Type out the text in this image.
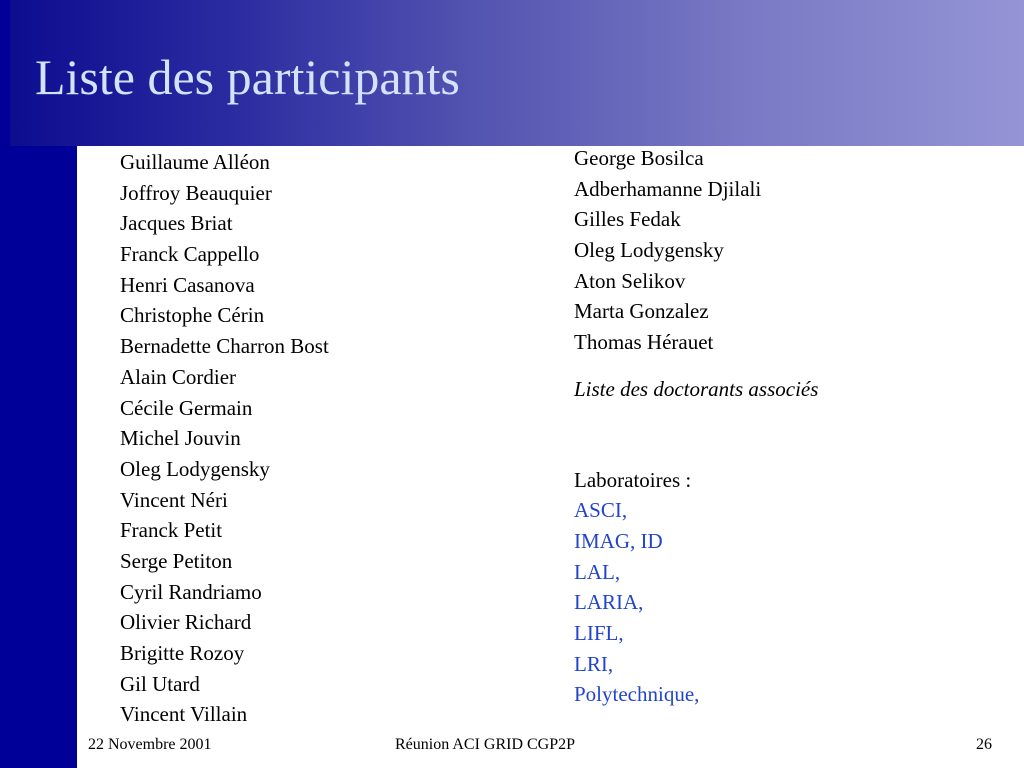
Liste des participants
Guillaume Alléon
Joffroy Beauquier
Jacques Briat
Franck Cappello
Henri Casanova
Christophe Cérin
Bernadette Charron Bost
Alain Cordier
Cécile Germain
Michel Jouvin
Oleg Lodygensky
Vincent Néri
Franck Petit
Serge Petiton
Cyril Randriamo
Olivier Richard
Brigitte Rozoy
Gil Utard
Vincent Villain
George Bosilca
Adberhamanne Djilali
Gilles Fedak
Oleg Lodygensky
Aton Selikov
Marta Gonzalez
Thomas Hérauet
Liste des doctorants associés
Laboratoires :
ASCI,
IMAG, ID
LAL,
LARIA,
LIFL,
LRI,
Polytechnique,
22 Novembre 2001	Réunion ACI GRID CGP2P	26
